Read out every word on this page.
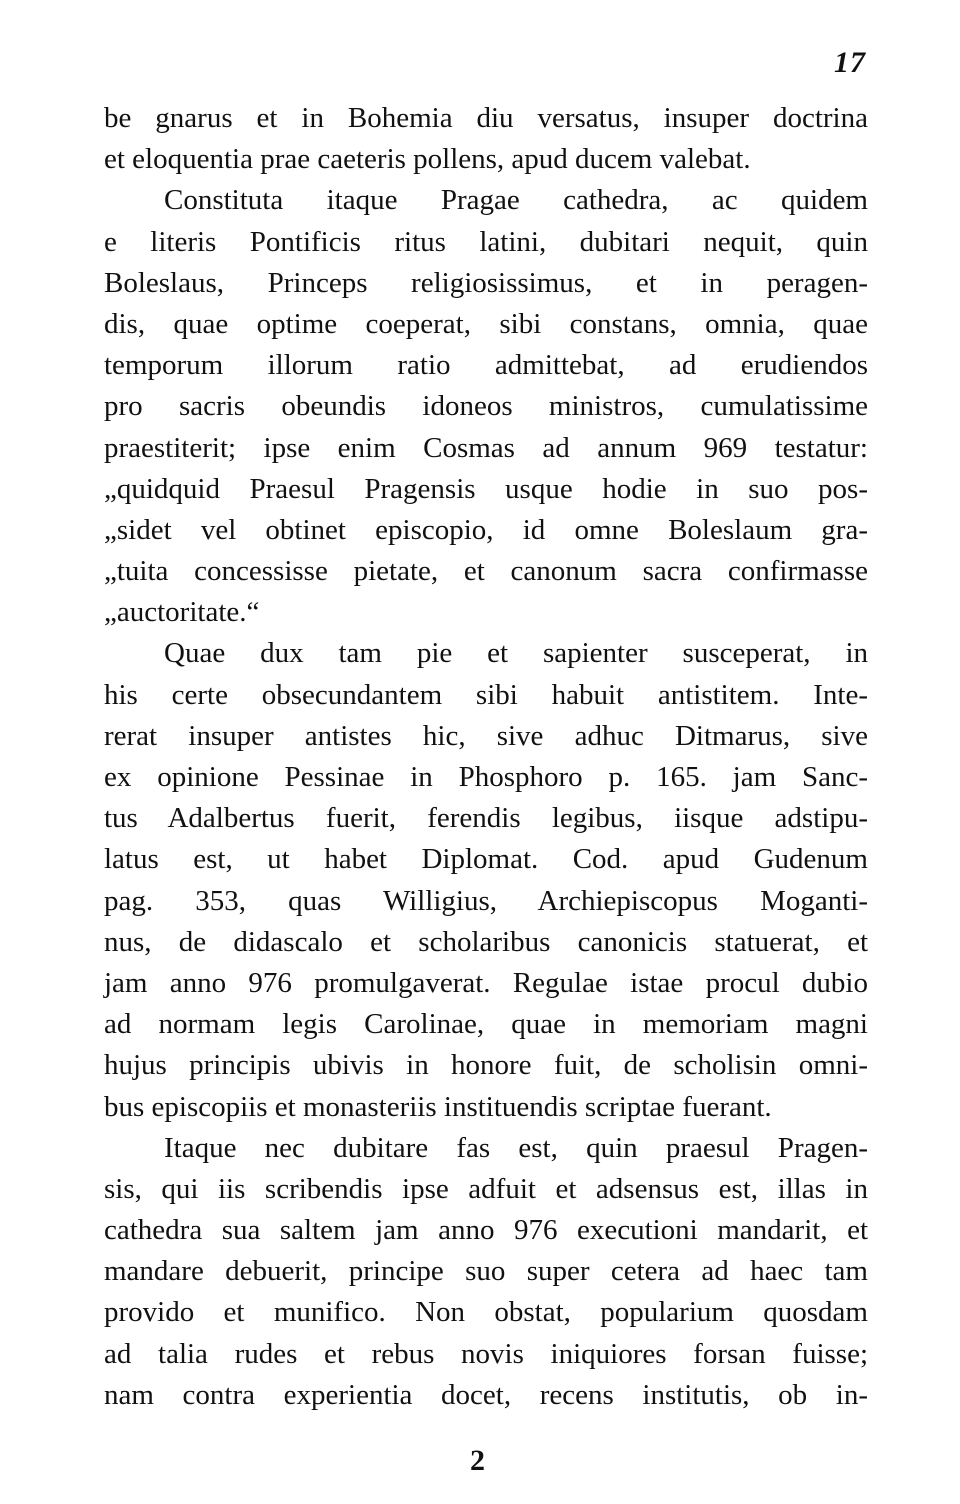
17
be gnarus et in Bohemia diu versatus, insuper doctrina
et eloquentia prae caeteris pollens, apud ducem valebat.
Constituta itaque Pragae cathedra, ac quidem
e literis Pontificis ritus latini, dubitari nequit, quin
Boleslaus, Princeps religiosissimus, et in peragen-
dis, quae optime coeperat, sibi constans, omnia, quae
temporum illorum ratio admittebat, ad erudiendos
pro sacris obeundis idoneos ministros, cumulatissime
praestiterit; ipse enim Cosmas ad annum 969 testatur:
„quidquid Praesul Pragensis usque hodie in suo pos-
„sidet vel obtinet episcopio, id omne Boleslaum gra-
„tuita concessisse pietate, et canonum sacra confirmasse
„auctoritate.“
Quae dux tam pie et sapienter susceperat, in
his certe obsecundantem sibi habuit antistitem. Inte-
rerat insuper antistes hic, sive adhuc Ditmarus, sive
ex opinione Pessinae in Phosphoro p. 165. jam Sanc-
tus Adalbertus fuerit, ferendis legibus, iisque adstipu-
latus est, ut habet Diplomat. Cod. apud Gudenum
pag. 353, quas Willigius, Archiepiscopus Moganti-
nus, de didascalo et scholaribus canonicis statuerat, et
jam anno 976 promulgaverat. Regulae istae procul dubio
ad normam legis Carolinae, quae in memoriam magni
hujus principis ubivis in honore fuit, de scholisin omni-
bus episcopiis et monasteriis instituendis scriptae fuerant.
Itaque nec dubitare fas est, quin praesul Pragen-
sis, qui iis scribendis ipse adfuit et adsensus est, illas in
cathedra sua saltem jam anno 976 executioni mandarit, et
mandare debuerit, principe suo super cetera ad haec tam
provido et munifico. Non obstat, popularium quosdam
ad talia rudes et rebus novis iniquiores forsan fuisse;
nam contra experientia docet, recens institutis, ob in-
2
